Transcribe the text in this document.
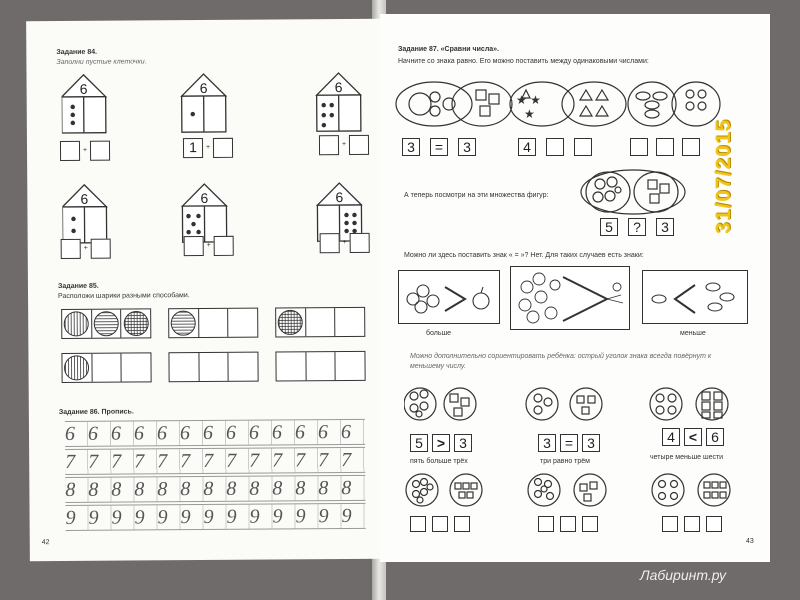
Задание 84.
Заполни пустые клеточки.
6	6	6
6	6	6
+	1	+	+
+	+	+
Задание 85.
Расположи шарики разными способами.
Задание 86. Пропись.
6666666666666
7777777777777
8888888888888
9999999999999
42
Задание 87. «Сравни числа».
Начните со знака равно. Его можно поставить между одинаковыми числами:
★ ★
★
3	=	3	4
А теперь посмотри на эти множества фигур:
5	?	3
Можно ли здесь поставить знак « = »? Нет. Для таких случаев есть знаки:
больше	меньше
Можно дополнительно сориентировать ребёнка: острый уголок знака всегда повёрнут к меньшему числу.
5	>	3
пять больше трёх
3	=	3
три равно трём
4	<	6
четыре меньше шести
43
31/07/2015
Лабиринт.ру
